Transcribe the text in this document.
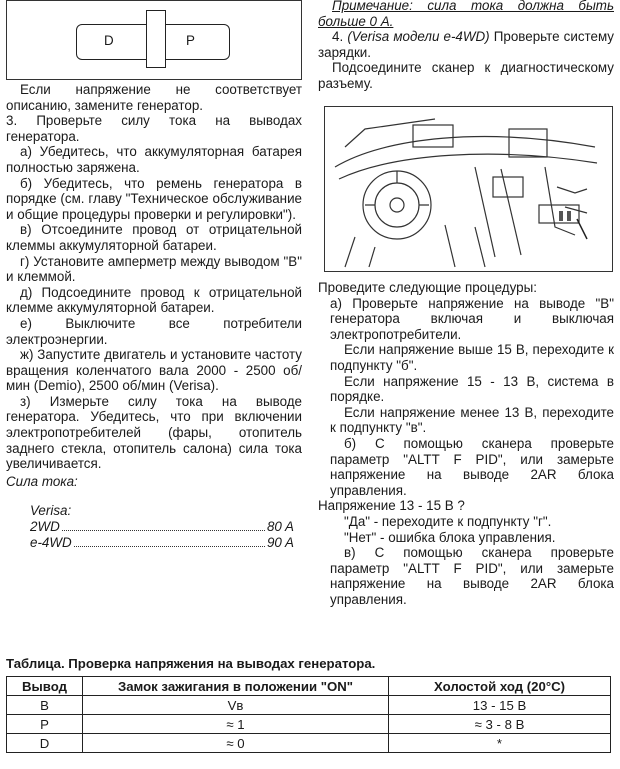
D	P

Если напряжение не соответствует описанию, замените генератор.

3. Проверьте силу тока на выводах генератора.

а) Убедитесь, что аккумуляторная батарея полностью заряжена.

б) Убедитесь, что ремень генератора в порядке (см. главу "Техническое обслуживание и общие процедуры проверки и регулировки").

в) Отсоедините провод от отрицательной клеммы аккумуляторной батареи.

г) Установите амперметр между выводом "В" и клеммой.

д) Подсоедините провод к отрицательной клемме аккумуляторной батареи.

е) Выключите все потребители электроэнергии.

ж) Запустите двигатель и установите частоту вращения коленчатого вала 2000 - 2500 об/мин (Demio), 2500 об/мин (Verisa).

з) Измерьте силу тока на выводе генератора. Убедитесь, что при включении электропотребителей (фары, отопитель заднего стекла, отопитель салона) сила тока увеличивается.

Сила тока:

Verisa:

2WD	80 A
e-4WD	90 A

Примечание: сила тока должна быть больше 0 А.

4. (Verisa модели e-4WD) Проверьте систему зарядки.

Подсоедините сканер к диагностическому разъему.

Проведите следующие процедуры:

а) Проверьте напряжение на выводе "В" генератора включая и выключая электропотребители.

Если напряжение выше 15 В, переходите к подпункту "б".

Если напряжение 15 - 13 В, система в порядке.

Если напряжение менее 13 В, переходите к подпункту "в".

б) С помощью сканера проверьте параметр "ALTT F PID", или замерьте напряжение на выводе 2AR блока управления.

Напряжение 13 - 15 В ?

"Да" - переходите к подпункту "г".

"Нет" - ошибка блока управления.

в) С помощью сканера проверьте параметр "ALTT F PID", или замерьте напряжение на выводе 2AR блока управления.

Таблица. Проверка напряжения на выводах генератора.
Вывод	Замок зажигания в положении "ON"	Холостой ход (20°C)
B	Vв	13 - 15 В
P	≈ 1	≈ 3 - 8 В
D	≈ 0	*
